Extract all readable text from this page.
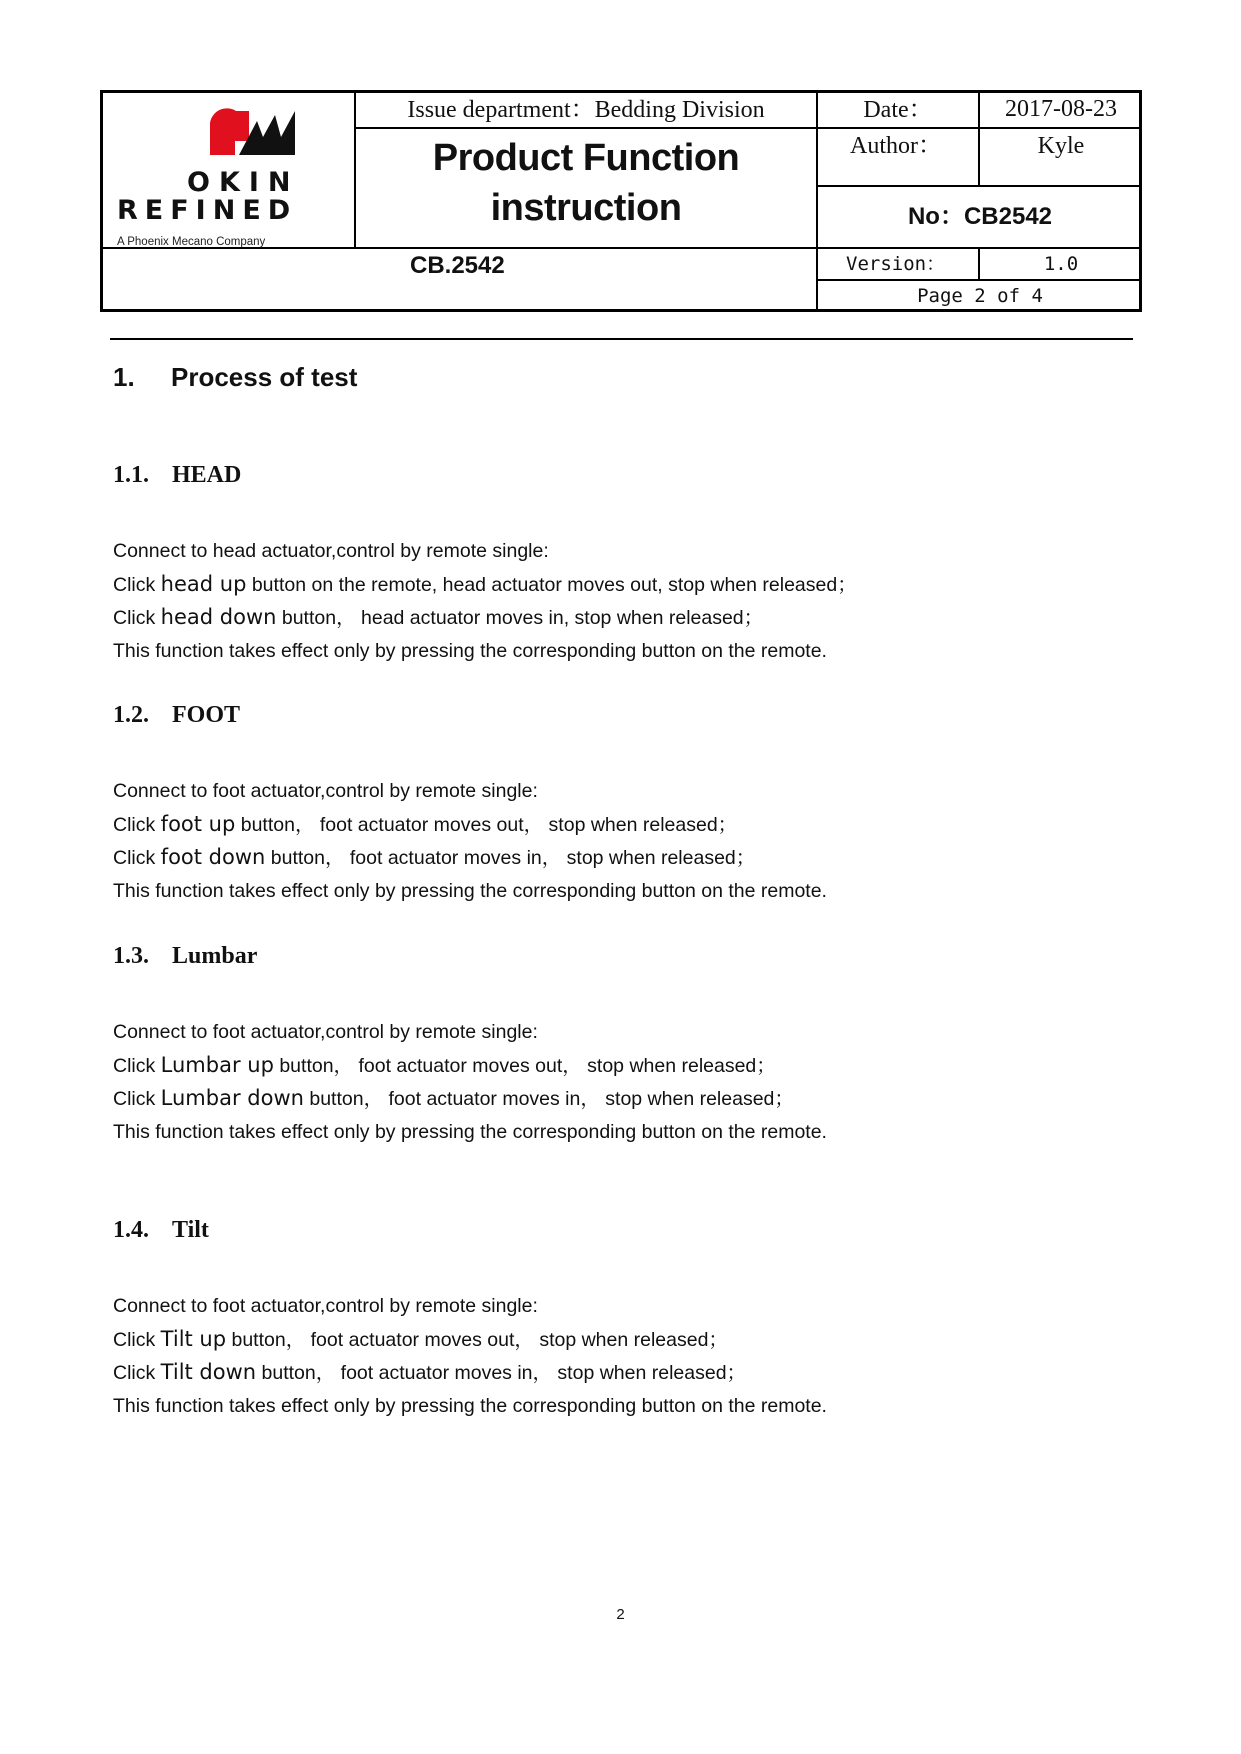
OKIN
REFINED
A Phoenix Mecano Company
Issue department：Bedding Division
Product Function
instruction
Date：	2017-08-23
Author：	Kyle
No：CB2542
CB.2542	Version：	1.0
Page 2 of 4
1. Process of test
1.1. HEAD
Connect to head actuator,control by remote single:
Click head up button on the remote, head actuator moves out, stop when released；
Click head down button， head actuator moves in, stop when released；
This function takes effect only by pressing the corresponding button on the remote.
1.2. FOOT
Connect to foot actuator,control by remote single:
Click foot up button， foot actuator moves out， stop when released；
Click foot down button， foot actuator moves in， stop when released；
This function takes effect only by pressing the corresponding button on the remote.
1.3. Lumbar
Connect to foot actuator,control by remote single:
Click Lumbar up button， foot actuator moves out， stop when released；
Click Lumbar down button， foot actuator moves in， stop when released；
This function takes effect only by pressing the corresponding button on the remote.
1.4. Tilt
Connect to foot actuator,control by remote single:
Click Tilt up button， foot actuator moves out， stop when released；
Click Tilt down button， foot actuator moves in， stop when released；
This function takes effect only by pressing the corresponding button on the remote.
2
